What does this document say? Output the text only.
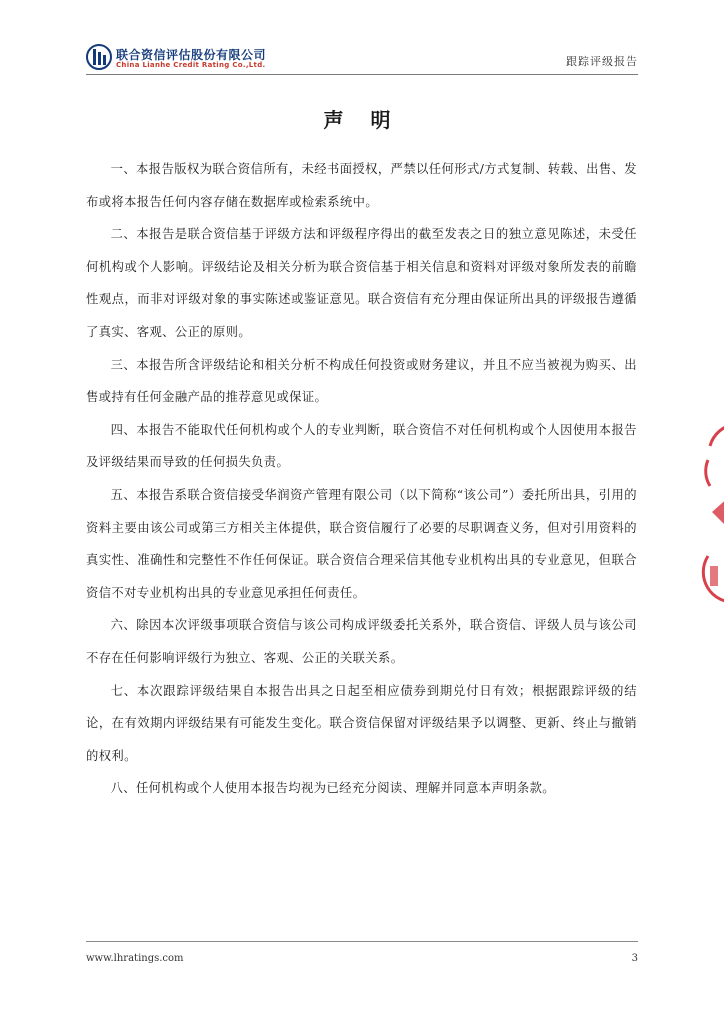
联合资信评估股份有限公司
China Lianhe Credit Rating Co.,Ltd.	跟踪评级报告
声 明

一、本报告版权为联合资信所有，未经书面授权，严禁以任何形式/方式复制、转载、出售、发布或将本报告任何内容存储在数据库或检索系统中。

二、本报告是联合资信基于评级方法和评级程序得出的截至发表之日的独立意见陈述，未受任何机构或个人影响。评级结论及相关分析为联合资信基于相关信息和资料对评级对象所发表的前瞻性观点，而非对评级对象的事实陈述或鉴证意见。联合资信有充分理由保证所出具的评级报告遵循了真实、客观、公正的原则。

三、本报告所含评级结论和相关分析不构成任何投资或财务建议，并且不应当被视为购买、出售或持有任何金融产品的推荐意见或保证。

四、本报告不能取代任何机构或个人的专业判断，联合资信不对任何机构或个人因使用本报告及评级结果而导致的任何损失负责。

五、本报告系联合资信接受华润资产管理有限公司（以下简称“该公司”）委托所出具，引用的资料主要由该公司或第三方相关主体提供，联合资信履行了必要的尽职调查义务，但对引用资料的真实性、准确性和完整性不作任何保证。联合资信合理采信其他专业机构出具的专业意见，但联合资信不对专业机构出具的专业意见承担任何责任。

六、除因本次评级事项联合资信与该公司构成评级委托关系外，联合资信、评级人员与该公司不存在任何影响评级行为独立、客观、公正的关联关系。

七、本次跟踪评级结果自本报告出具之日起至相应债券到期兑付日有效；根据跟踪评级的结论，在有效期内评级结果有可能发生变化。联合资信保留对评级结果予以调整、更新、终止与撤销的权利。

八、任何机构或个人使用本报告均视为已经充分阅读、理解并同意本声明条款。

www.lhratings.com	3
